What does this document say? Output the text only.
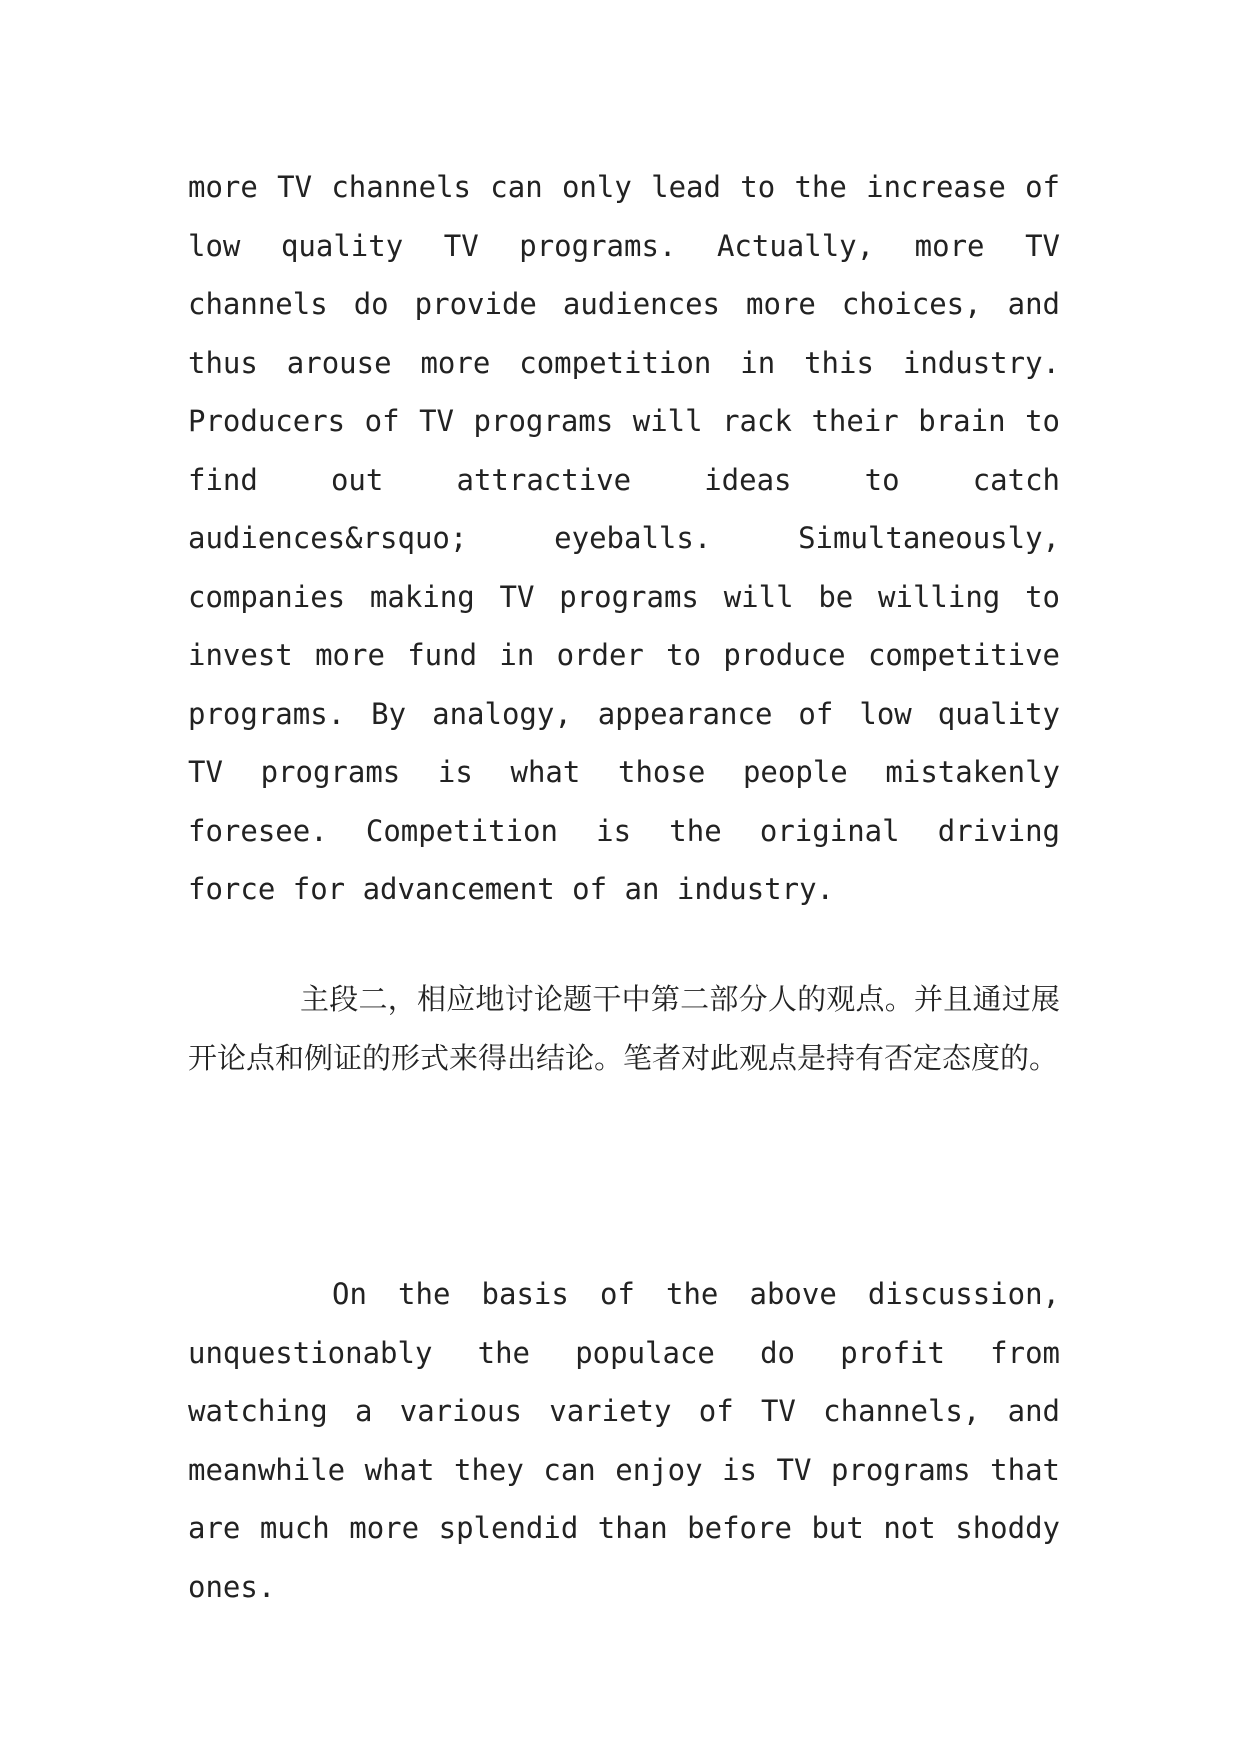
more TV channels can only lead to the increase of low quality TV programs. Actually, more TV channels do provide audiences more choices, and thus arouse more competition in this industry. Producers of TV programs will rack their brain to find out attractive ideas to catch audiences&rsquo; eyeballs. Simultaneously, companies making TV programs will be willing to invest more fund in order to produce competitive programs. By analogy, appearance of low quality TV programs is what those people mistakenly foresee. Competition is the original driving force for advancement of an industry.

主段二，相应地讨论题干中第二部分人的观点。并且通过展开论点和例证的形式来得出结论。笔者对此观点是持有否定态度的。

On the basis of the above discussion, unquestionably the populace do profit from watching a various variety of TV channels, and meanwhile what they can enjoy is TV programs that are much more splendid than before but not shoddy ones.
